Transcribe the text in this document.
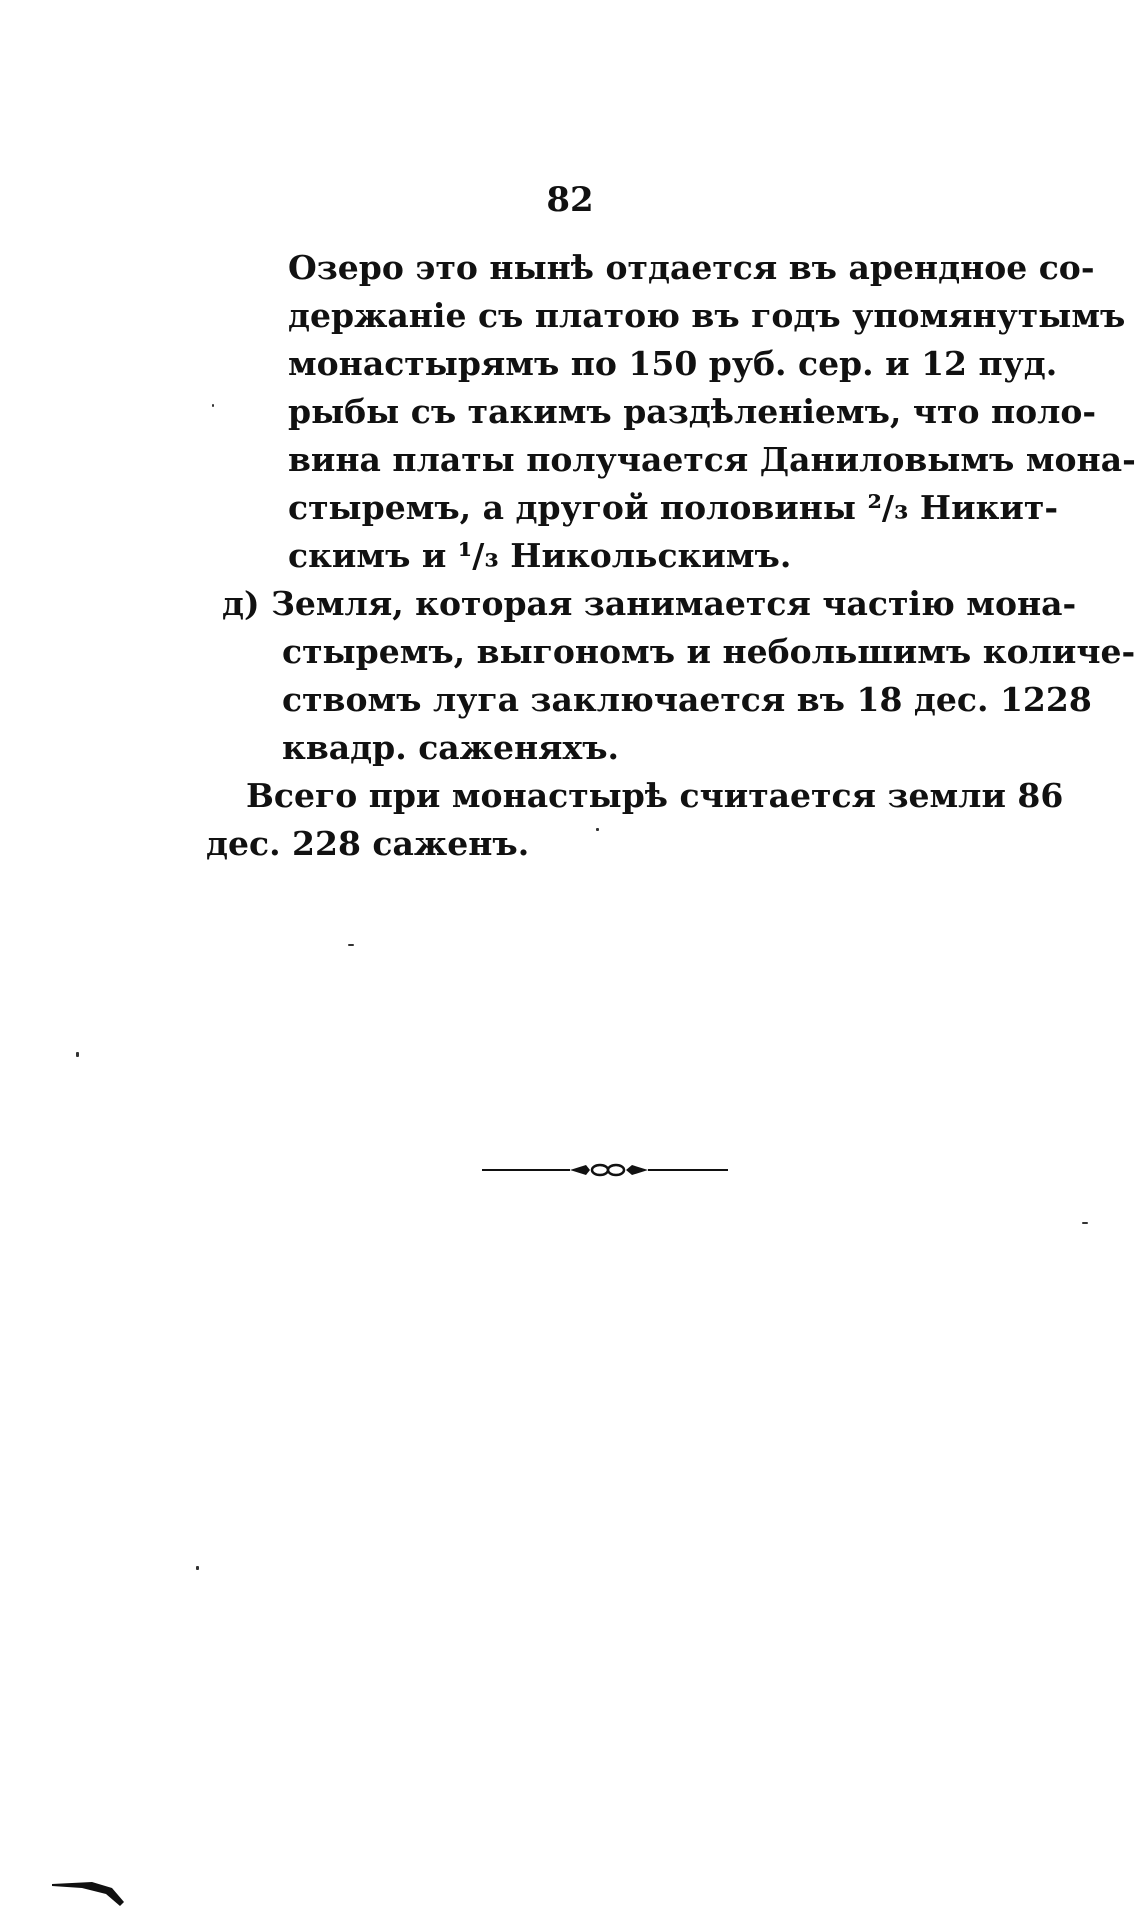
82
Озеро это нынѣ отдается въ арендное со-
держаніе съ платою въ годъ упомянутымъ
монастырямъ по 150 руб. сер. и 12 пуд.
рыбы съ такимъ раздѣленіемъ, что поло-
вина платы получается Даниловымъ мона-
стыремъ, а другой половины ²/₃ Никит-
скимъ и ¹/₃ Никольскимъ.
д) Земля, которая занимается частію мона-
стыремъ, выгономъ и небольшимъ количе-
ствомъ луга заключается въ 18 дес. 1228
квадр. саженяхъ.
Всего при монастырѣ считается земли 86
дес. 228 саженъ.
